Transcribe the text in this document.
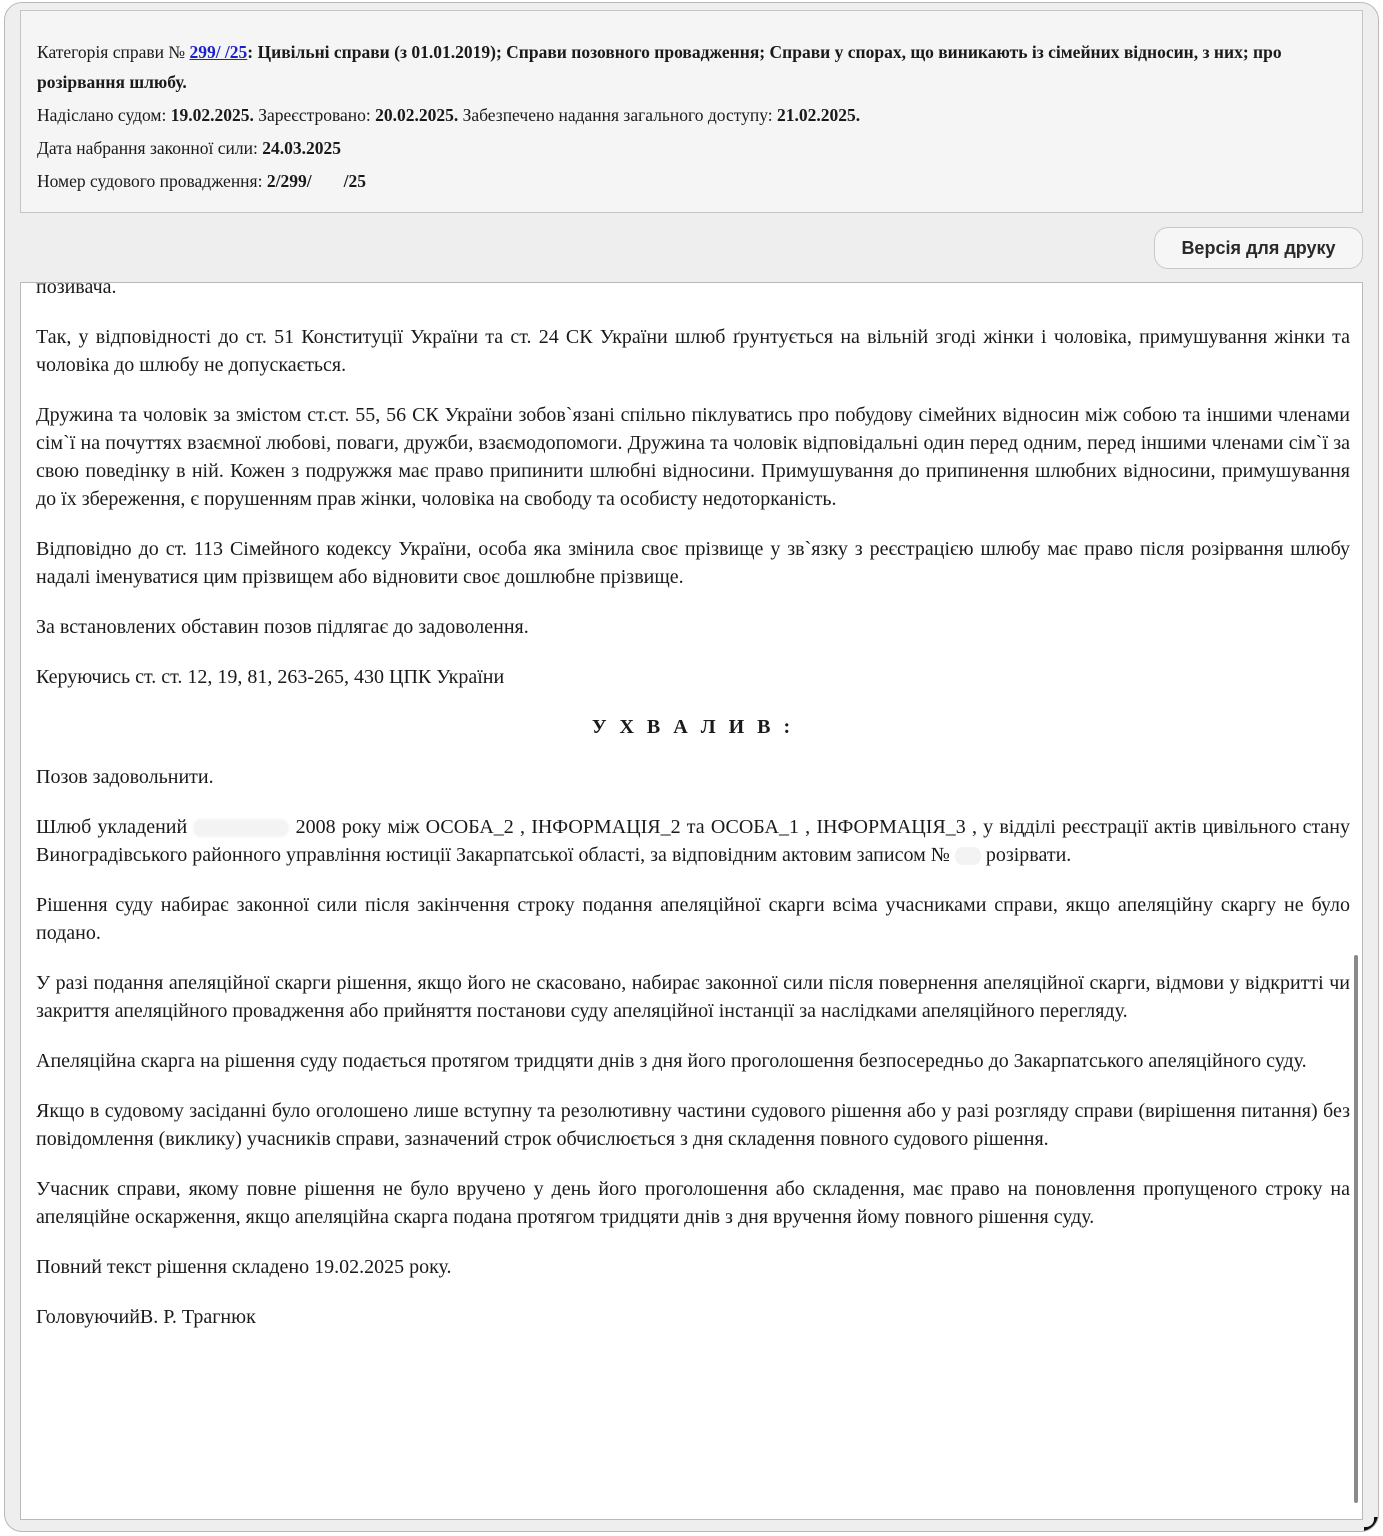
Категорія справи № 299/ /25: Цивільні справи (з 01.01.2019); Справи позовного провадження; Справи у спорах, що виникають із сімейних відносин, з них; про розірвання шлюбу.

Надіслано судом: 19.02.2025. Зареєстровано: 20.02.2025. Забезпечено надання загального доступу: 21.02.2025.

Дата набрання законної сили: 24.03.2025

Номер судового провадження: 2/299/ /25

Версія для друку

позивача.

Так, у відповідності до ст. 51 Конституції України та ст. 24 СК України шлюб ґрунтується на вільній згоді жінки і чоловіка, примушування жінки та чоловіка до шлюбу не допускається.

Дружина та чоловік за змістом ст.ст. 55, 56 СК України зобов`язані спільно піклуватись про побудову сімейних відносин між собою та іншими членами сім`ї на почуттях взаємної любові, поваги, дружби, взаємодопомоги. Дружина та чоловік відповідальні один перед одним, перед іншими членами сім`ї за свою поведінку в ній. Кожен з подружжя має право припинити шлюбні відносини. Примушування до припинення шлюбних відносини, примушування до їх збереження, є порушенням прав жінки, чоловіка на свободу та особисту недоторканість.

Відповідно до ст. 113 Сімейного кодексу України, особа яка змінила своє прізвище у зв`язку з реєстрацією шлюбу має право після розірвання шлюбу надалі іменуватися цим прізвищем або відновити своє дошлюбне прізвище.

За встановлених обставин позов підлягає до задоволення.

Керуючись ст. ст. 12, 19, 81, 263-265, 430 ЦПК України

У Х В А Л И В :

Позов задовольнити.

Шлюб укладений	2008 року між ОСОБА_2 , ІНФОРМАЦІЯ_2 та ОСОБА_1 , ІНФОРМАЦІЯ_3 , у відділі реєстрації актів цивільного стану Виноградівського районного управління юстиції Закарпатської області, за відповідним актовим записом № розірвати.

Рішення суду набирає законної сили після закінчення строку подання апеляційної скарги всіма учасниками справи, якщо апеляційну скаргу не було подано.

У разі подання апеляційної скарги рішення, якщо його не скасовано, набирає законної сили після повернення апеляційної скарги, відмови у відкритті чи закриття апеляційного провадження або прийняття постанови суду апеляційної інстанції за наслідками апеляційного перегляду.

Апеляційна скарга на рішення суду подається протягом тридцяти днів з дня його проголошення безпосередньо до Закарпатського апеляційного суду.

Якщо в судовому засіданні було оголошено лише вступну та резолютивну частини судового рішення або у разі розгляду справи (вирішення питання) без повідомлення (виклику) учасників справи, зазначений строк обчислюється з дня складення повного судового рішення.

Учасник справи, якому повне рішення не було вручено у день його проголошення або складення, має право на поновлення пропущеного строку на апеляційне оскарження, якщо апеляційна скарга подана протягом тридцяти днів з дня вручення йому повного рішення суду.

Повний текст рішення складено 19.02.2025 року.

ГоловуючийВ. Р. Трагнюк
